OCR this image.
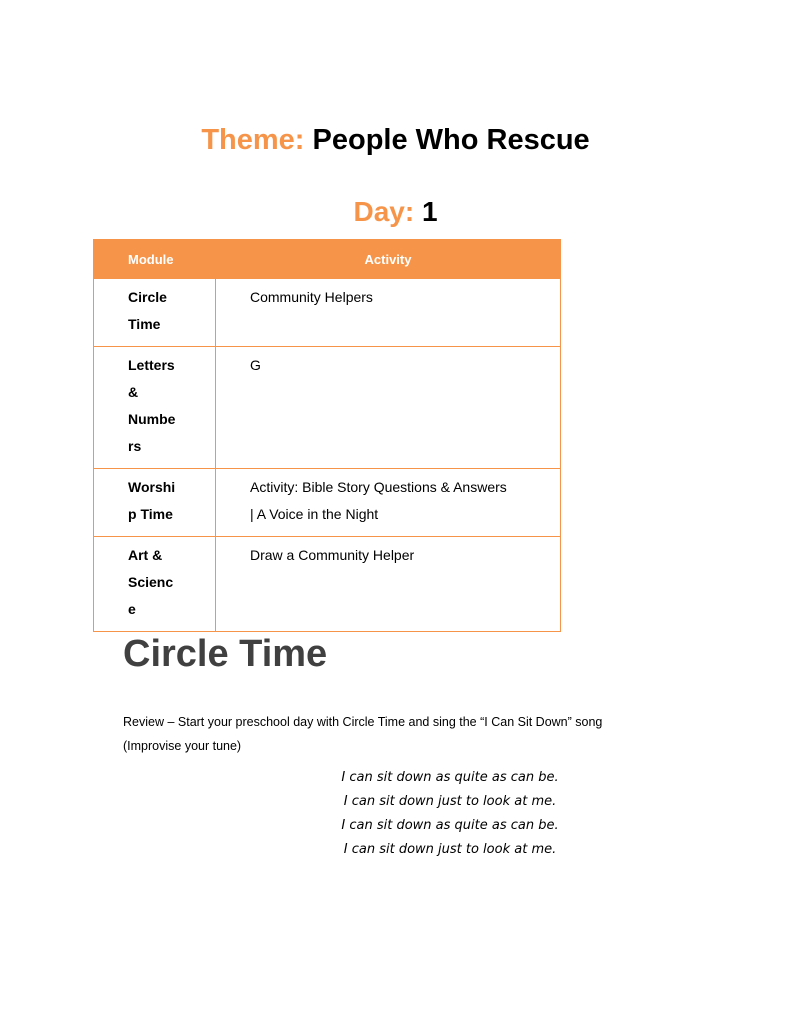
Theme: People Who Rescue
Day: 1
Module	Activity

Circle
Time	Community Helpers

Letters
&
Numbe
rs	G

Worshi
p Time	Activity: Bible Story Questions & Answers
| A Voice in the Night

Art &
Scienc
e	Draw a Community Helper
Circle Time

Review – Start your preschool day with Circle Time and sing the “I Can Sit Down” song
(Improvise your tune)

I can sit down as quite as can be.
I can sit down just to look at me.
I can sit down as quite as can be.
I can sit down just to look at me.
